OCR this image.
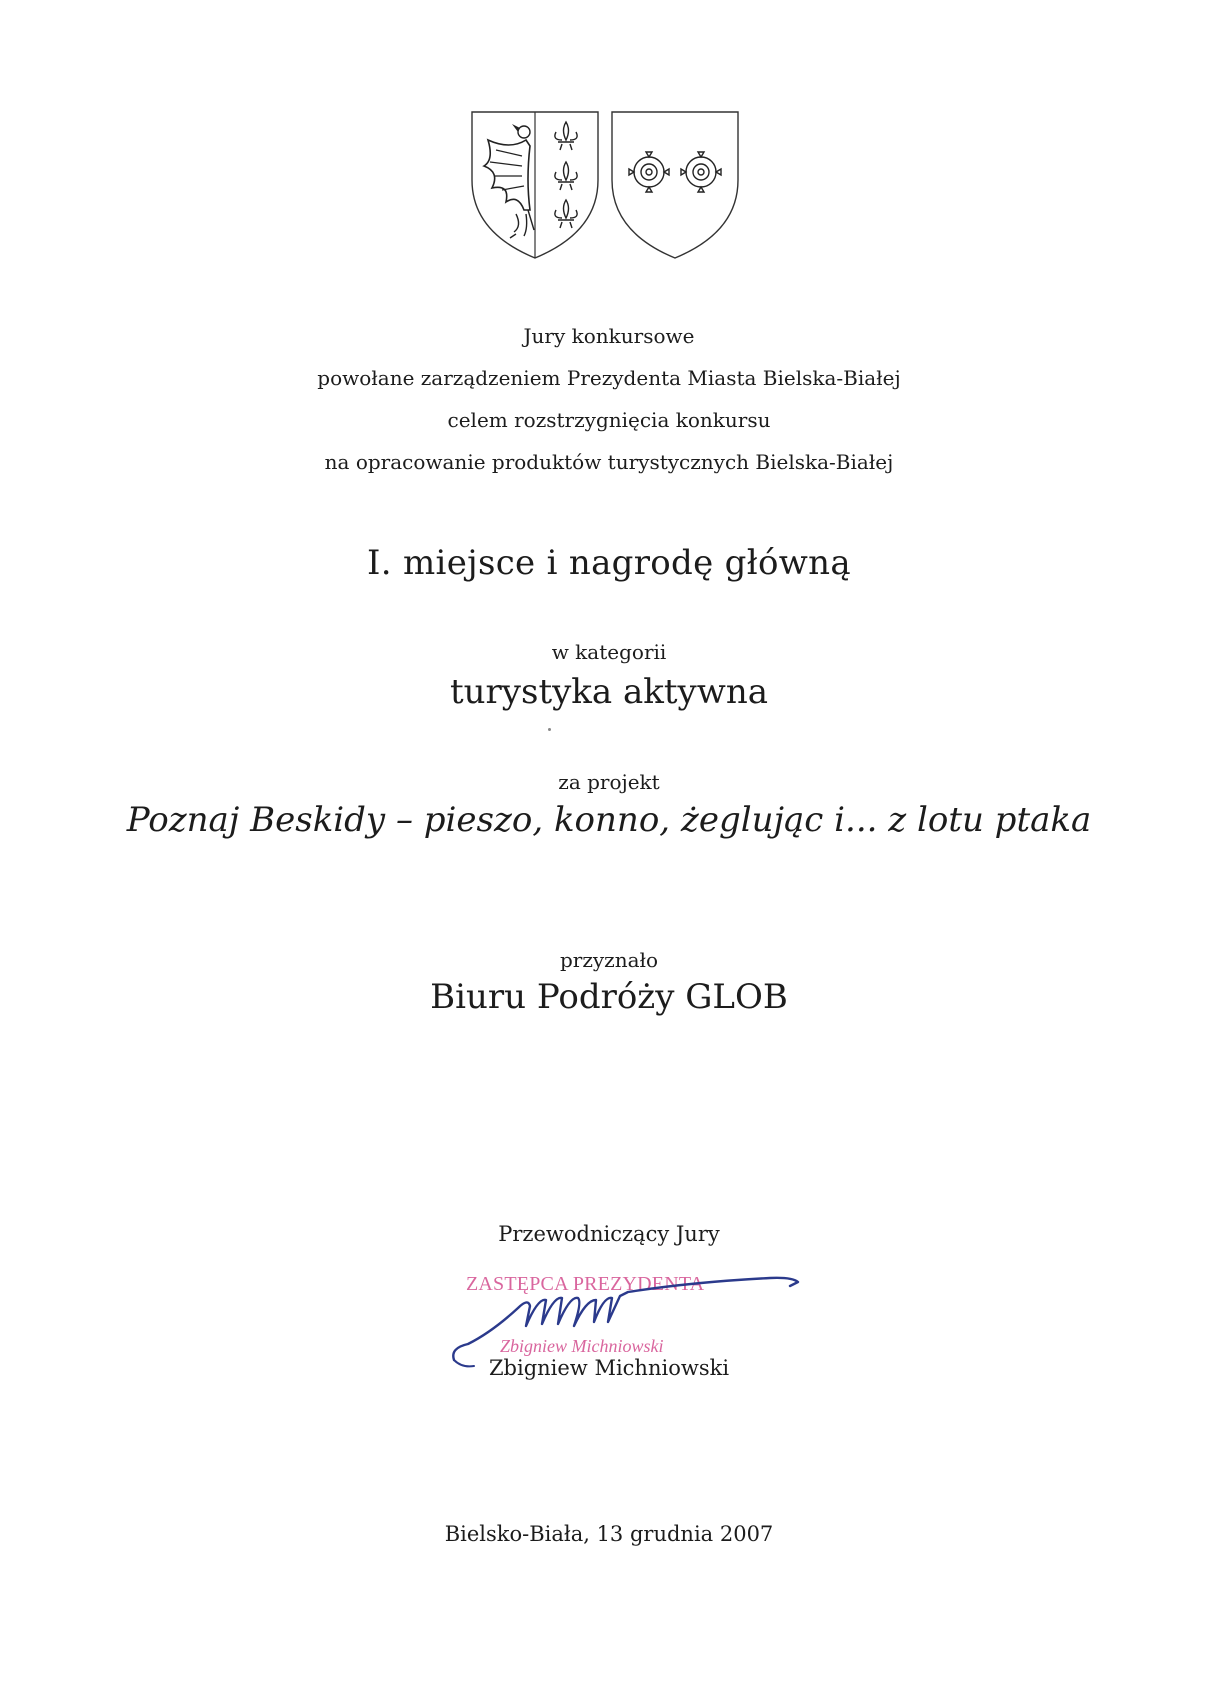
Jury konkursowe
powołane zarządzeniem Prezydenta Miasta Bielska-Białej
celem rozstrzygnięcia konkursu
na opracowanie produktów turystycznych Bielska-Białej
I. miejsce i nagrodę główną
w kategorii
turystyka aktywna
za projekt
Poznaj Beskidy – pieszo, konno, żeglując i... z lotu ptaka
przyznało
Biuru Podróży GLOB
Przewodniczący Jury
ZASTĘPCA PREZYDENTA
Zbigniew Michniowski
Zbigniew Michniowski
Bielsko-Biała, 13 grudnia 2007
